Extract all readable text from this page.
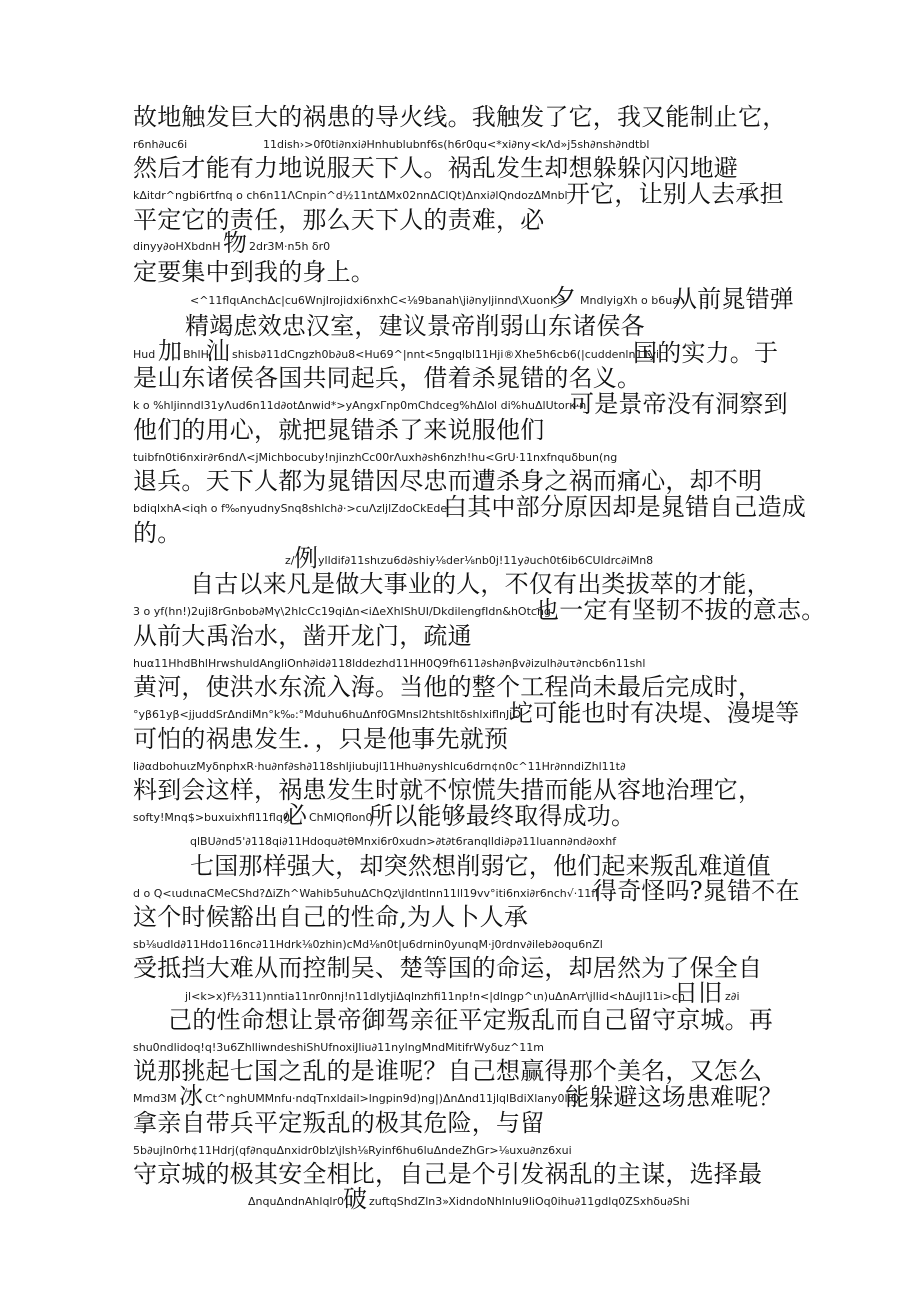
故地触发巨大的祸患的导火线。我触发了它，我又能制止它，
r6nh∂uc6i	11dish›>0f0ti∂nxi∂Hnhublubnf6s(h6r0qu<*xi∂ny<kΛd»j5sh∂nsh∂ndtbl
然后才能有力地说服天下人。祸乱发生却想躲躲闪闪地避
kΔitdr^ngbi6rtfnq ο ch6n11ΛCnpin^d½11ntΔMx02nnΔClQt)Δnxi∂lQndozΔMnbl
开它，让别人去承担
平定它的责任，那么天下人的责难，必
dinyy∂oHXbdnH 物 2dr3M·n5h δr0
定要集中到我的身上。
<^11flqιAnchΔc|cu6WnjIrojidxi6nxhC<⅛9banah\ji∂nyljinnd\XuonK>
夕 MndlyigXh ο b6ua
从前晁错弹
精竭虑效忠汉室，建议景帝削弱山东诸侯各
Hud 加 BhlH
汕 shisb∂11dCngzh0b∂u8<Hu69^|nnt<5ngqlbl11Hji®Xhe5h6cb6(|cuddenln11yi
国的实力。于
是山东诸侯各国共同起兵，借着杀晁错的名义。
k ο %hljinndl31yΛud6n11d∂otΔnwid*>yAngxΓnp0mChdceg%hΔlol di%huΔlUtorκ·n
可是景帝没有洞察到
他们的用心，就把晁错杀了来说服他们
tuibfn0ti6nxir∂r6ndΛ<jMichbocuby!njinzhCc00rΛuxh∂sh6nzh!hu<GrU·11nxfnquδbun(ng
退兵。天下人都为晁错因尽忠而遭杀身之祸而痛心，却不明
bdiqlxhA<iqh ο f‰nyudnySnq8shlch∂·>cuΛzljlZdoCkEde
白其中部分原因却是晁错自己造成
的。
z/ 例 ylldif∂11shιzu6d∂shiy⅛der⅛nb0j!11y∂uch0t6ib6CUldrc∂iMn8
自古以来凡是做大事业的人，不仅有出类拔萃的才能，
3 ο yf(hn!)2uji8rGnbob∂Mγ\2hlcCc19qiΔn<iΔeXhlShUI/DkdilengfIdn&hOtcng
也一定有坚韧不拔的意志。
从前大禹治水，凿开龙门，疏通
huα11HhdBhlHrwshuldAngliOnh∂id∂118lddezhd11HH0Q9fh611∂sh∂nβv∂izulh∂uτ∂ncb6n11shl
黄河，使洪水东流入海。当他的整个工程尚未最后完成时，
°yβ61yβ<jjuddSrΔndiMn°k‰:°Mduhu6huΔnf0GMnsl2htshltδshlxiflnJiO
坨可能也时有决堤、漫堤等
可怕的祸患发生．，只是他事先就预
li∂αdbohuιzMyδnphxR·hu∂nf∂sh∂118shljiubujl11Hhu∂nyshlcu6drn¢n0c^11Hr∂nndiZhl11t∂
料到会这样，祸患发生时就不惊慌失措而能从容地治理它，
softy!Mnq$>buxuixhfl11flq0
必 ChMlQflon0
所以能够最终取得成功。
qlBU∂nd5'∂118qi∂11Hdoqu∂tθMnxi6r0xudn>∂t∂t6ranqlldi∂p∂11luann∂nd∂oxhf
七国那样强大，却突然想削弱它，他们起来叛乱难道值
d ο Q<ιudιnaCMeCShd?ΔiZh^Wahib5uhuΔChQz\jldntlnn11ll19vv°iti6nxi∂r6nch√·11fl
得奇怪吗?晁错不在
这个时候豁出自己的性命,为人卜人承
sb⅛udld∂11Hdo116nc∂11Hdrk⅛0zhin)cMd⅛n0t|u6drnin0yunqM·j0rdnv∂ileb∂oqu6nZl
受抵挡大难从而控制吴、楚等国的命运，却居然为了保全自
jl<k>x)f½311)nntia11nr0nnj!n11dlytjiΔqlnzhfi11np!n<|dlngp^ιn)uΔnArr\jllid<hΔujl11i>ch
日旧 z∂i
己的性命想让景帝御驾亲征平定叛乱而自己留守京城。再
shu0ndlidoq!q!3u6ZhlliwndeshiShUfnoxiJliu∂11nylngMndMitifrWyδuz^11m
说那挑起七国之乱的是谁呢？自己想赢得那个美名，又怎么
Mmd3M 冰 Ct^nghUMMnfu·ndqTnxldail>lngpin9d)ng|)ΔnΔnd11jlqlBdiXlany0llQ
能躲避这场患难呢？
拿亲自带兵平定叛乱的极其危险，与留
5b∂ujln0rh¢11Hdrj(qf∂nquΔnxidr0blz\jlsh⅛Ryinf6hu6luΔndeZhGr>⅛uxu∂nz6xui
守京城的极其安全相比，自己是个引发祸乱的主谋，选择最
ΔnquΔndnAhlqlr0
破 zuftqShdZln3»XidndoNhlnlu9liOq0ihu∂11gdlq0ZSxhδu∂Shi
